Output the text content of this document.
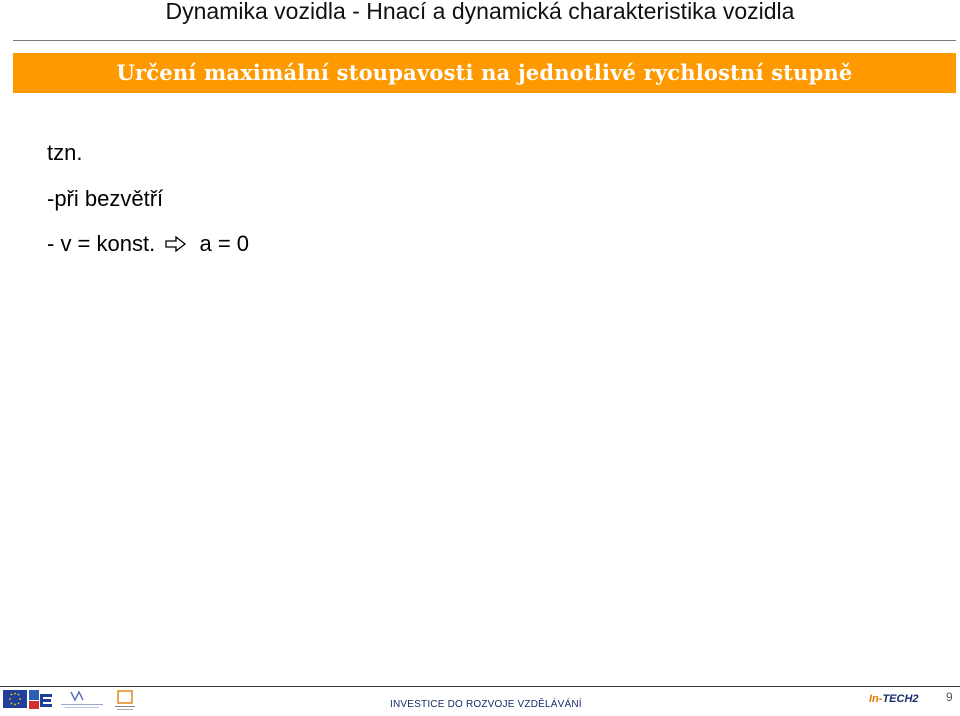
Dynamika vozidla - Hnací a dynamická charakteristika vozidla
Určení maximální stoupavosti na jednotlivé rychlostní stupně
tzn.
-při bezvětří
- v = konst. a = 0
INVESTICE DO ROZVOJE VZDĚLÁVÁNÍ	In-TECH2 9
